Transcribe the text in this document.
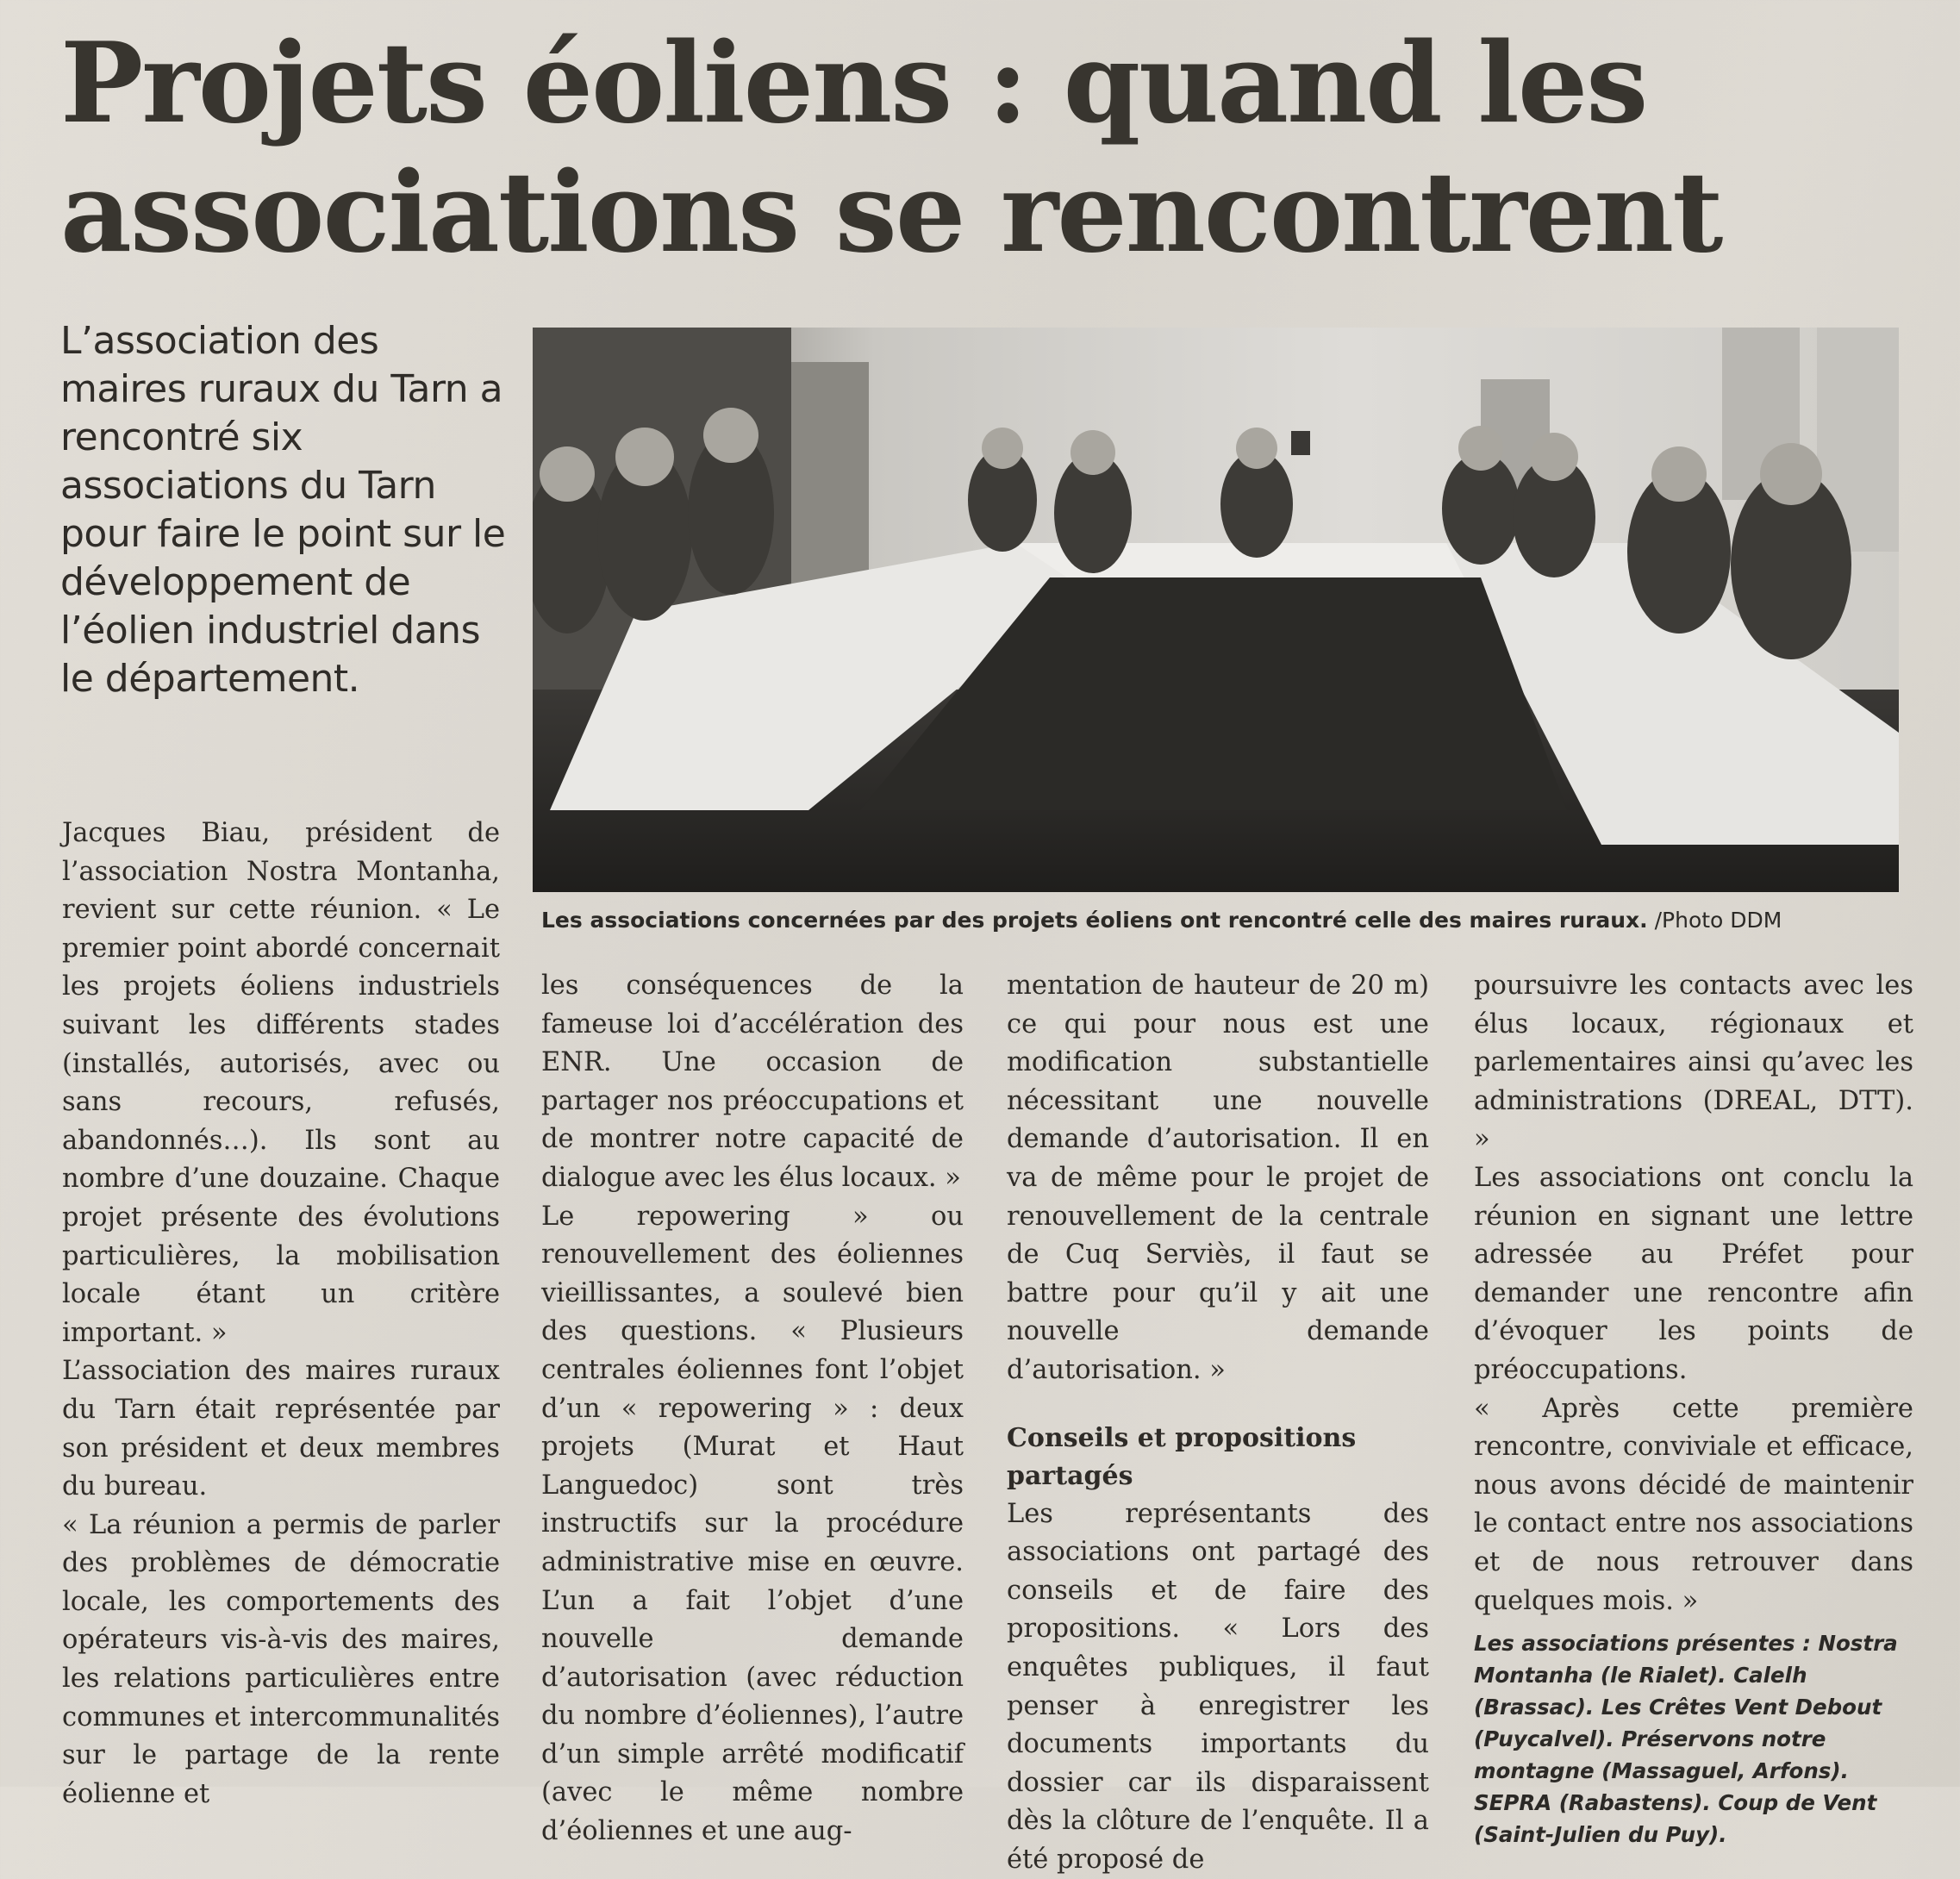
Projets éoliens : quand les associations se rencontrent
L’association des maires ruraux du Tarn a rencontré six associations du Tarn pour faire le point sur le développement de l’éolien industriel dans le département.
Les associations concernées par des projets éoliens ont rencontré celle des maires ruraux. /Photo DDM

Jacques Biau, président de l’association Nostra Montanha, revient sur cette réunion. « Le premier point abordé concernait les projets éoliens industriels suivant les différents stades (installés, autorisés, avec ou sans recours, refusés, abandonnés…). Ils sont au nombre d’une douzaine. Chaque projet présente des évolutions particulières, la mobilisation locale étant un critère important. »

L’association des maires ruraux du Tarn était représentée par son président et deux membres du bureau.

« La réunion a permis de parler des problèmes de démocratie locale, les comportements des opérateurs vis-à-vis des maires, les relations particulières entre communes et intercommunalités sur le partage de la rente éolienne et

les conséquences de la fameuse loi d’accélération des ENR. Une occasion de partager nos préoccupations et de montrer notre capacité de dialogue avec les élus locaux. »

Le repowering » ou renouvellement des éoliennes vieillissantes, a soulevé bien des questions. « Plusieurs centrales éoliennes font l’objet d’un « repowering » : deux projets (Murat et Haut Languedoc) sont très instructifs sur la procédure administrative mise en œuvre. L’un a fait l’objet d’une nouvelle demande d’autorisation (avec réduction du nombre d’éoliennes), l’autre d’un simple arrêté modificatif (avec le même nombre d’éoliennes et une aug-

mentation de hauteur de 20 m) ce qui pour nous est une modification substantielle nécessitant une nouvelle demande d’autorisation. Il en va de même pour le projet de renouvellement de la centrale de Cuq Serviès, il faut se battre pour qu’il y ait une nouvelle demande d’autorisation. »

Conseils et propositions partagés

Les représentants des associations ont partagé des conseils et de faire des propositions. « Lors des enquêtes publiques, il faut penser à enregistrer les documents importants du dossier car ils disparaissent dès la clôture de l’enquête. Il a été proposé de

poursuivre les contacts avec les élus locaux, régionaux et parlementaires ainsi qu’avec les administrations (DREAL, DTT). »

Les associations ont conclu la réunion en signant une lettre adressée au Préfet pour demander une rencontre afin d’évoquer les points de préoccupations.

« Après cette première rencontre, conviviale et efficace, nous avons décidé de maintenir le contact entre nos associations et de nous retrouver dans quelques mois. »

Les associations présentes : Nostra Montanha (le Rialet). Calelh (Brassac). Les Crêtes Vent Debout (Puycalvel). Préservons notre montagne (Massaguel, Arfons). SEPRA (Rabastens). Coup de Vent (Saint-Julien du Puy).
